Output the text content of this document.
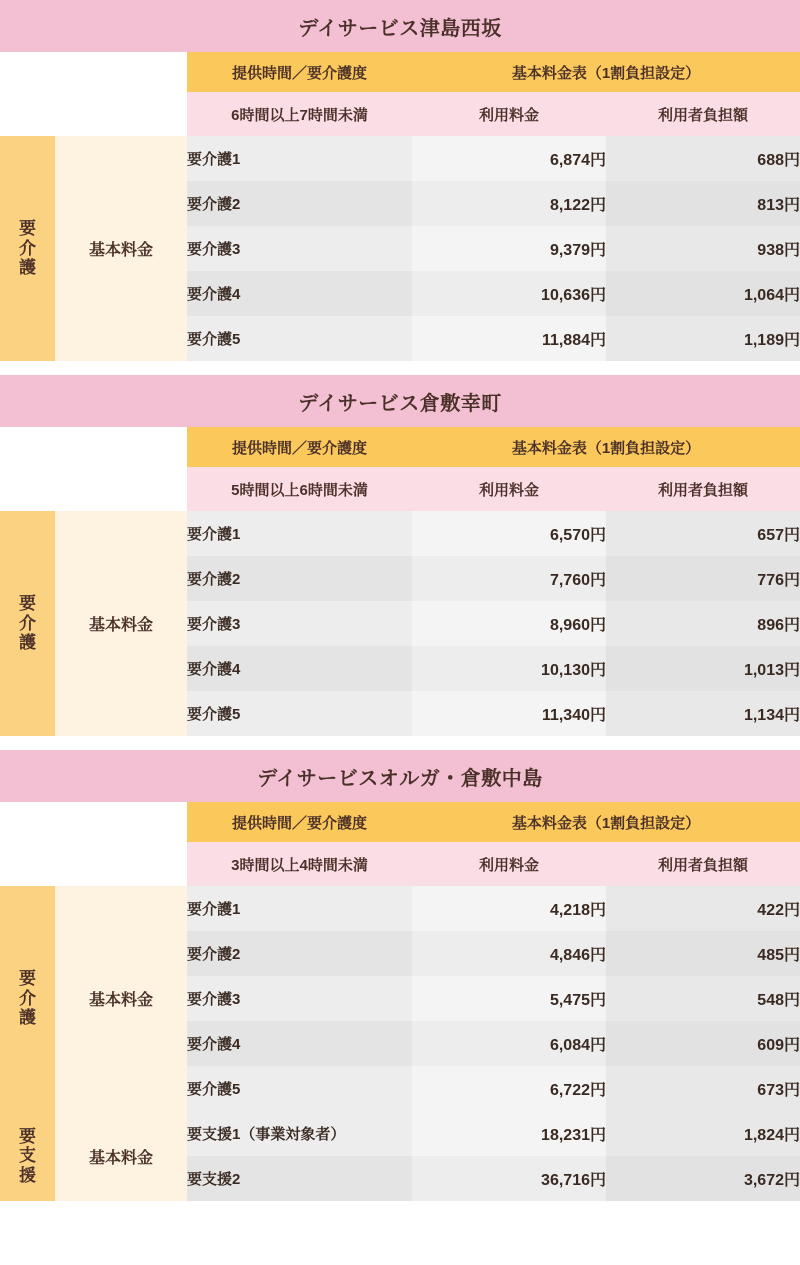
デイサービス津島西坂
		提供時間／要介護度	基本料金表（1割負担設定）	
		6時間以上7時間未満	利用料金	利用者負担額
要介護	基本料金	要介護1	6,874円	688円
		要介護2	8,122円	813円
		要介護3	9,379円	938円
		要介護4	10,636円	1,064円
		要介護5	11,884円	1,189円
デイサービス倉敷幸町
		提供時間／要介護度	基本料金表（1割負担設定）	
		5時間以上6時間未満	利用料金	利用者負担額
要介護	基本料金	要介護1	6,570円	657円
		要介護2	7,760円	776円
		要介護3	8,960円	896円
		要介護4	10,130円	1,013円
		要介護5	11,340円	1,134円
デイサービスオルガ・倉敷中島
		提供時間／要介護度	基本料金表（1割負担設定）	
		3時間以上4時間未満	利用料金	利用者負担額
要介護	基本料金	要介護1	4,218円	422円
		要介護2	4,846円	485円
		要介護3	5,475円	548円
		要介護4	6,084円	609円
		要介護5	6,722円	673円
要支援	基本料金	要支援1（事業対象者）	18,231円	1,824円
		要支援2	36,716円	3,672円
